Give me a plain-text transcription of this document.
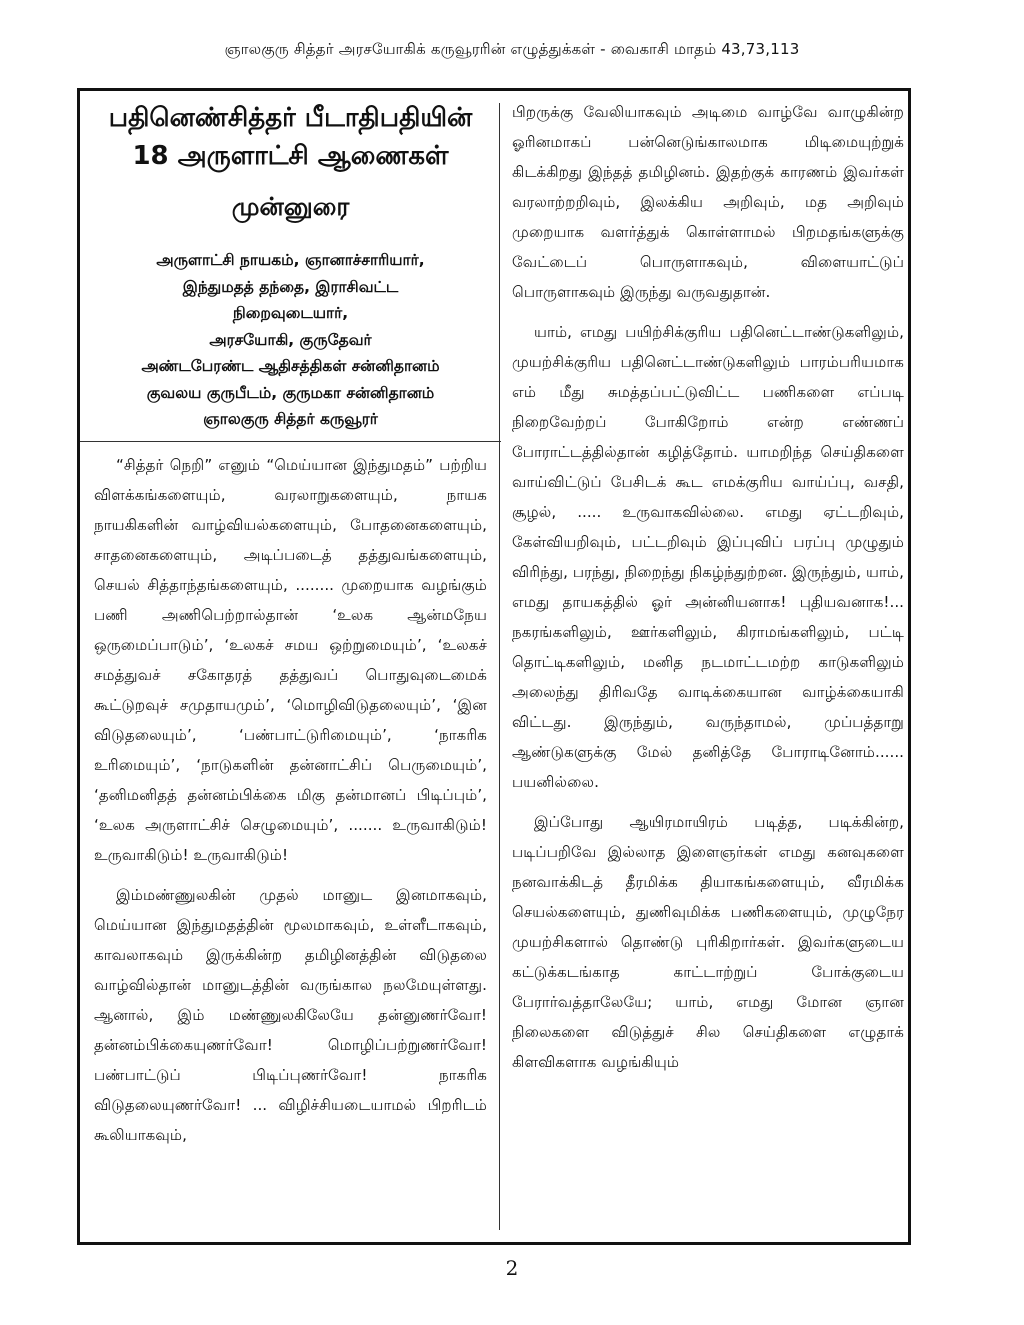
ஞாலகுரு சித்தர் அரசயோகிக் கருவூரரின் எழுத்துக்கள் - வைகாசி மாதம் 43,73,113

பதினெண்சித்தர் பீடாதிபதியின்

18 அருளாட்சி ஆணைகள்

முன்னுரை

அருளாட்சி நாயகம், ஞானாச்சாரியார்,

இந்துமதத் தந்தை, இராசிவட்ட

நிறைவுடையார்,

அரசயோகி, குருதேவர்

அண்டபேரண்ட ஆதிசத்திகள் சன்னிதானம்

குவலய குருபீடம், குருமகா சன்னிதானம்

ஞாலகுரு சித்தர் கருவூரர்

“சித்தர் நெறி” எனும் “மெய்யான இந்துமதம்” பற்றிய விளக்கங்களையும், வரலாறுகளையும், நாயக நாயகிகளின் வாழ்வியல்களையும், போதனைகளையும், சாதனைகளையும், அடிப்படைத் தத்துவங்களையும், செயல் சித்தாந்தங்களையும், ........ முறையாக வழங்கும் பணி அணிபெற்றால்தான் ‘உலக ஆன்மநேய ஒருமைப்பாடும்’, ‘உலகச் சமய ஒற்றுமையும்’, ‘உலகச் சமத்துவச் சகோதரத் தத்துவப் பொதுவுடைமைக் கூட்டுறவுச் சமுதாயமும்’, ‘மொழிவிடுதலையும்’, ‘இன விடுதலையும்’, ‘பண்பாட்டுரிமையும்’, ‘நாகரிக உரிமையும்’, ‘நாடுகளின் தன்னாட்சிப் பெருமையும்’, ‘தனிமனிதத் தன்னம்பிக்கை மிகு தன்மானப் பிடிப்பும்’, ‘உலக அருளாட்சிச் செழுமையும்’, ....... உருவாகிடும்! உருவாகிடும்! உருவாகிடும்!

இம்மண்ணுலகின் முதல் மானுட இனமாகவும், மெய்யான இந்துமதத்தின் மூலமாகவும், உள்ளீடாகவும், காவலாகவும் இருக்கின்ற தமிழினத்தின் விடுதலை வாழ்வில்தான் மானுடத்தின் வருங்கால நலமேயுள்ளது. ஆனால், இம் மண்ணுலகிலேயே தன்னுணர்வோ! தன்னம்பிக்கையுணர்வோ! மொழிப்பற்றுணர்வோ! பண்பாட்டுப் பிடிப்புணர்வோ! நாகரிக விடுதலையுணர்வோ! ... விழிச்சியடையாமல் பிறரிடம் கூலியாகவும்,

பிறருக்கு வேலியாகவும் அடிமை வாழ்வே வாழுகின்ற ஓரினமாகப் பன்னெடுங்காலமாக மிடிமையுற்றுக் கிடக்கிறது இந்தத் தமிழினம். இதற்குக் காரணம் இவர்கள் வரலாற்றறிவும், இலக்கிய அறிவும், மத அறிவும் முறையாக வளர்த்துக் கொள்ளாமல் பிறமதங்களுக்கு வேட்டைப் பொருளாகவும், விளையாட்டுப் பொருளாகவும் இருந்து வருவதுதான்.

யாம், எமது பயிற்சிக்குரிய பதினெட்டாண்டுகளிலும், முயற்சிக்குரிய பதினெட்டாண்டுகளிலும் பாரம்பரியமாக எம் மீது சுமத்தப்பட்டுவிட்ட பணிகளை எப்படி நிறைவேற்றப் போகிறோம் என்ற எண்ணப் போராட்டத்தில்தான் கழித்தோம். யாமறிந்த செய்திகளை வாய்விட்டுப் பேசிடக் கூட எமக்குரிய வாய்ப்பு, வசதி, சூழல், ..... உருவாகவில்லை. எமது ஏட்டறிவும், கேள்வியறிவும், பட்டறிவும் இப்புவிப் பரப்பு முழுதும் விரிந்து, பரந்து, நிறைந்து நிகழ்ந்துற்றன. இருந்தும், யாம், எமது தாயகத்தில் ஓர் அன்னியனாக! புதியவனாக!... நகரங்களிலும், ஊர்களிலும், கிராமங்களிலும், பட்டி தொட்டிகளிலும், மனித நடமாட்டமற்ற காடுகளிலும் அலைந்து திரிவதே வாடிக்கையான வாழ்க்கையாகி விட்டது. இருந்தும், வருந்தாமல், முப்பத்தாறு ஆண்டுகளுக்கு மேல் தனித்தே போராடினோம்...... பயனில்லை.

இப்போது ஆயிரமாயிரம் படித்த, படிக்கின்ற, படிப்பறிவே இல்லாத இளைஞர்கள் எமது கனவுகளை நனவாக்கிடத் தீரமிக்க தியாகங்களையும், வீரமிக்க செயல்களையும், துணிவுமிக்க பணிகளையும், முழுநேர முயற்சிகளால் தொண்டு புரிகிறார்கள். இவர்களுடைய கட்டுக்கடங்காத காட்டாற்றுப் போக்குடைய பேரார்வத்தாலேயே; யாம், எமது மோன ஞான நிலைகளை விடுத்துச் சில செய்திகளை எழுதாக் கிளவிகளாக வழங்கியும்

2
